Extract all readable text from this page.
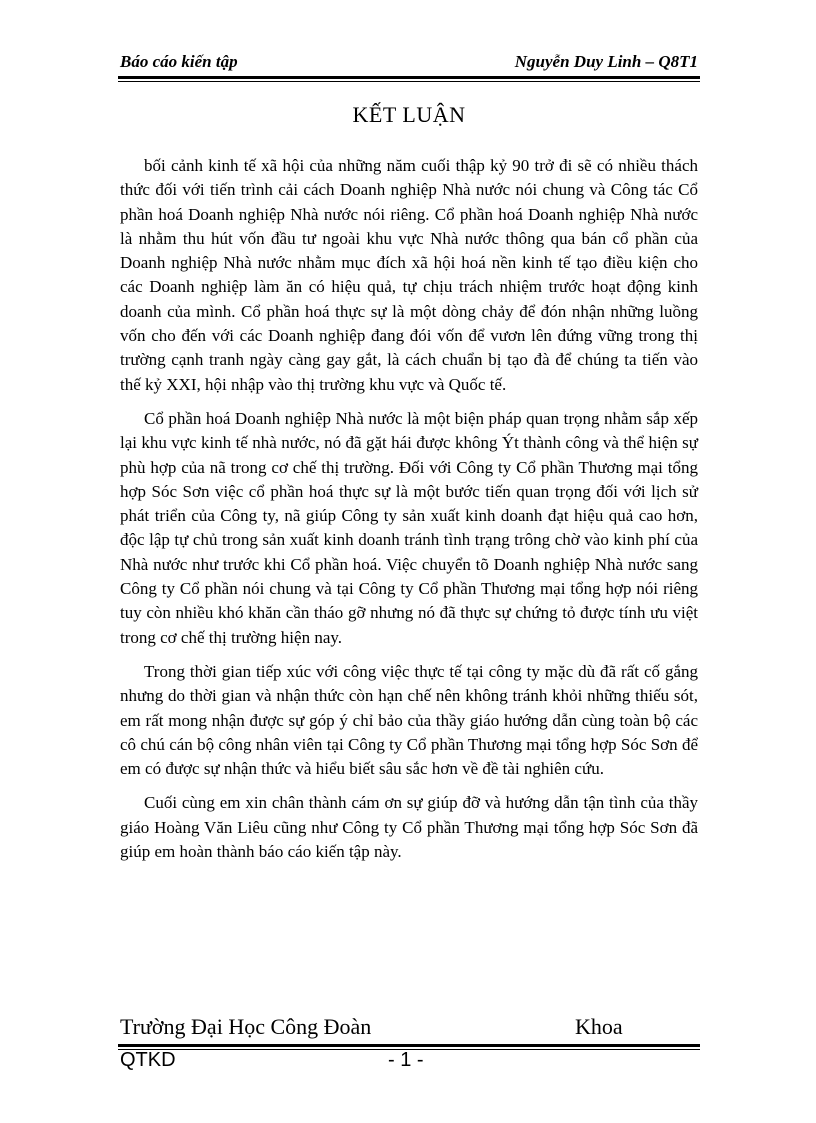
Báo cáo kiến tập	Nguyễn Duy Linh – Q8T1
KẾT LUẬN

bối cảnh kinh tế xã hội của những năm cuối thập kỷ 90 trở đi sẽ có nhiều thách thức đối với tiến trình cải cách Doanh nghiệp Nhà nước nói chung và Công tác Cổ phần hoá Doanh nghiệp Nhà nước nói riêng. Cổ phần hoá Doanh nghiệp Nhà nước là nhằm thu hút vốn đầu tư ngoài khu vực Nhà nước thông qua bán cổ phần của Doanh nghiệp Nhà nước nhằm mục đích xã hội hoá nền kinh tế tạo điều kiện cho các Doanh nghiệp làm ăn có hiệu quả, tự chịu trách nhiệm trước hoạt động kinh doanh của mình. Cổ phần hoá thực sự là một dòng chảy để đón nhận những luồng vốn cho đến với các Doanh nghiệp đang đói vốn để vươn lên đứng vững trong thị trường cạnh tranh ngày càng gay gắt, là cách chuẩn bị tạo đà để chúng ta tiến vào thế kỷ XXI, hội nhập vào thị trường khu vực và Quốc tế.

Cổ phần hoá Doanh nghiệp Nhà nước là một biện pháp quan trọng nhằm sắp xếp lại khu vực kinh tế nhà nước, nó đã gặt hái được không Ýt thành công và thể hiện sự phù hợp của nã trong cơ chế thị trường. Đối với Công ty Cổ phần Thương mại tổng hợp Sóc Sơn việc cổ phần hoá thực sự là một bước tiến quan trọng đối với lịch sử phát triển của Công ty, nã giúp Công ty sản xuất kinh doanh đạt hiệu quả cao hơn, độc lập tự chủ trong sản xuất kinh doanh tránh tình trạng trông chờ vào kinh phí của Nhà nước như trước khi Cổ phần hoá. Việc chuyển tõ Doanh nghiệp Nhà nước sang Công ty Cổ phần nói chung và tại Công ty Cổ phần Thương mại tổng hợp nói riêng tuy còn nhiều khó khăn cần tháo gỡ nhưng nó đã thực sự chứng tỏ được tính ưu việt trong cơ chế thị trường hiện nay.

Trong thời gian tiếp xúc với công việc thực tế tại công ty mặc dù đã rất cố gắng nhưng do thời gian và nhận thức còn hạn chế nên không tránh khỏi những thiếu sót, em rất mong nhận được sự góp ý chỉ bảo của thầy giáo hướng dẫn cùng toàn bộ các cô chú cán bộ công nhân viên tại Công ty Cổ phần Thương mại tổng hợp Sóc Sơn để em có được sự nhận thức và hiểu biết sâu sắc hơn về đề tài nghiên cứu.

Cuối cùng em xin chân thành cám ơn sự giúp đỡ và hướng dẫn tận tình của thầy giáo Hoàng Văn Liêu cũng như Công ty Cổ phần Thương mại tổng hợp Sóc Sơn đã giúp em hoàn thành báo cáo kiến tập này.

Trường Đại Học Công Đoàn	Khoa
QTKD	- 1 -
